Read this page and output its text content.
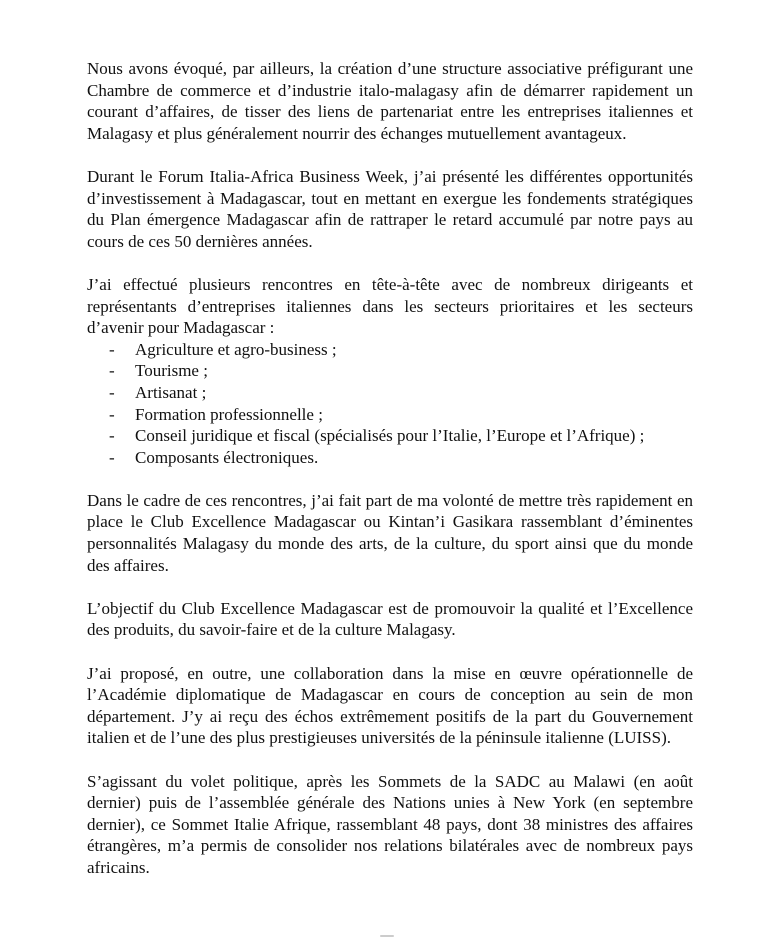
Nous avons évoqué, par ailleurs, la création d’une structure associative préfigurant une Chambre de commerce et d’industrie italo-malagasy afin de démarrer rapidement un courant d’affaires, de tisser des liens de partenariat entre les entreprises italiennes et Malagasy et plus généralement nourrir des échanges mutuellement avantageux.

Durant le Forum Italia-Africa Business Week, j’ai présenté les différentes opportunités d’investissement à Madagascar, tout en mettant en exergue les fondements stratégiques du Plan émergence Madagascar afin de rattraper le retard accumulé par notre pays au cours de ces 50 dernières années.

J’ai effectué plusieurs rencontres en tête-à-tête avec de nombreux dirigeants et représentants d’entreprises italiennes dans les secteurs prioritaires et les secteurs d’avenir pour Madagascar :

- Agriculture et agro-business ;
- Tourisme ;
- Artisanat ;
- Formation professionnelle ;
- Conseil juridique et fiscal (spécialisés pour l’Italie, l’Europe et l’Afrique) ;
- Composants électroniques.

Dans le cadre de ces rencontres, j’ai fait part de ma volonté de mettre très rapidement en place le Club Excellence Madagascar ou Kintan’i Gasikara rassemblant d’éminentes personnalités Malagasy du monde des arts, de la culture, du sport ainsi que du monde des affaires.

L’objectif du Club Excellence Madagascar est de promouvoir la qualité et l’Excellence des produits, du savoir-faire et de la culture Malagasy.

J’ai proposé, en outre, une collaboration dans la mise en œuvre opérationnelle de l’Académie diplomatique de Madagascar en cours de conception au sein de mon département. J’y ai reçu des échos extrêmement positifs de la part du Gouvernement italien et de l’une des plus prestigieuses universités de la péninsule italienne (LUISS).

S’agissant du volet politique, après les Sommets de la SADC au Malawi (en août dernier) puis de l’assemblée générale des Nations unies à New York (en septembre dernier), ce Sommet Italie Afrique, rassemblant 48 pays, dont 38 ministres des affaires étrangères, m’a permis de consolider nos relations bilatérales avec de nombreux pays africains.
